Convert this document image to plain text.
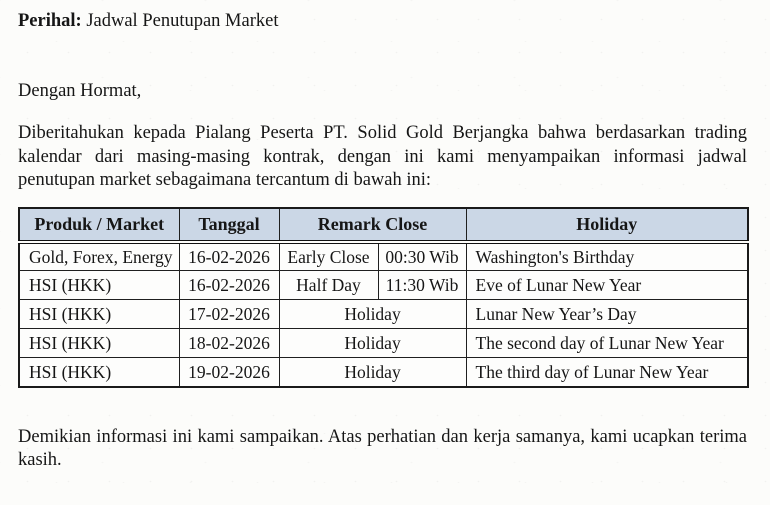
Perihal: Jadwal Penutupan Market

Dengan Hormat,

Diberitahukan kepada Pialang Peserta PT. Solid Gold Berjangka bahwa berdasarkan trading kalendar dari masing-masing kontrak, dengan ini kami menyampaikan informasi jadwal penutupan market sebagaimana tercantum di bawah ini:

Produk / Market	Tanggal	Remark Close		Holiday
Gold, Forex, Energy	16-02-2026	Early Close	00:30 Wib	Washington's Birthday
HSI (HKK)	16-02-2026	Half Day	11:30 Wib	Eve of Lunar New Year
HSI (HKK)	17-02-2026	Holiday		Lunar New Year’s Day
HSI (HKK)	18-02-2026	Holiday		The second day of Lunar New Year
HSI (HKK)	19-02-2026	Holiday		The third day of Lunar New Year

Demikian informasi ini kami sampaikan. Atas perhatian dan kerja samanya, kami ucapkan terima kasih.
